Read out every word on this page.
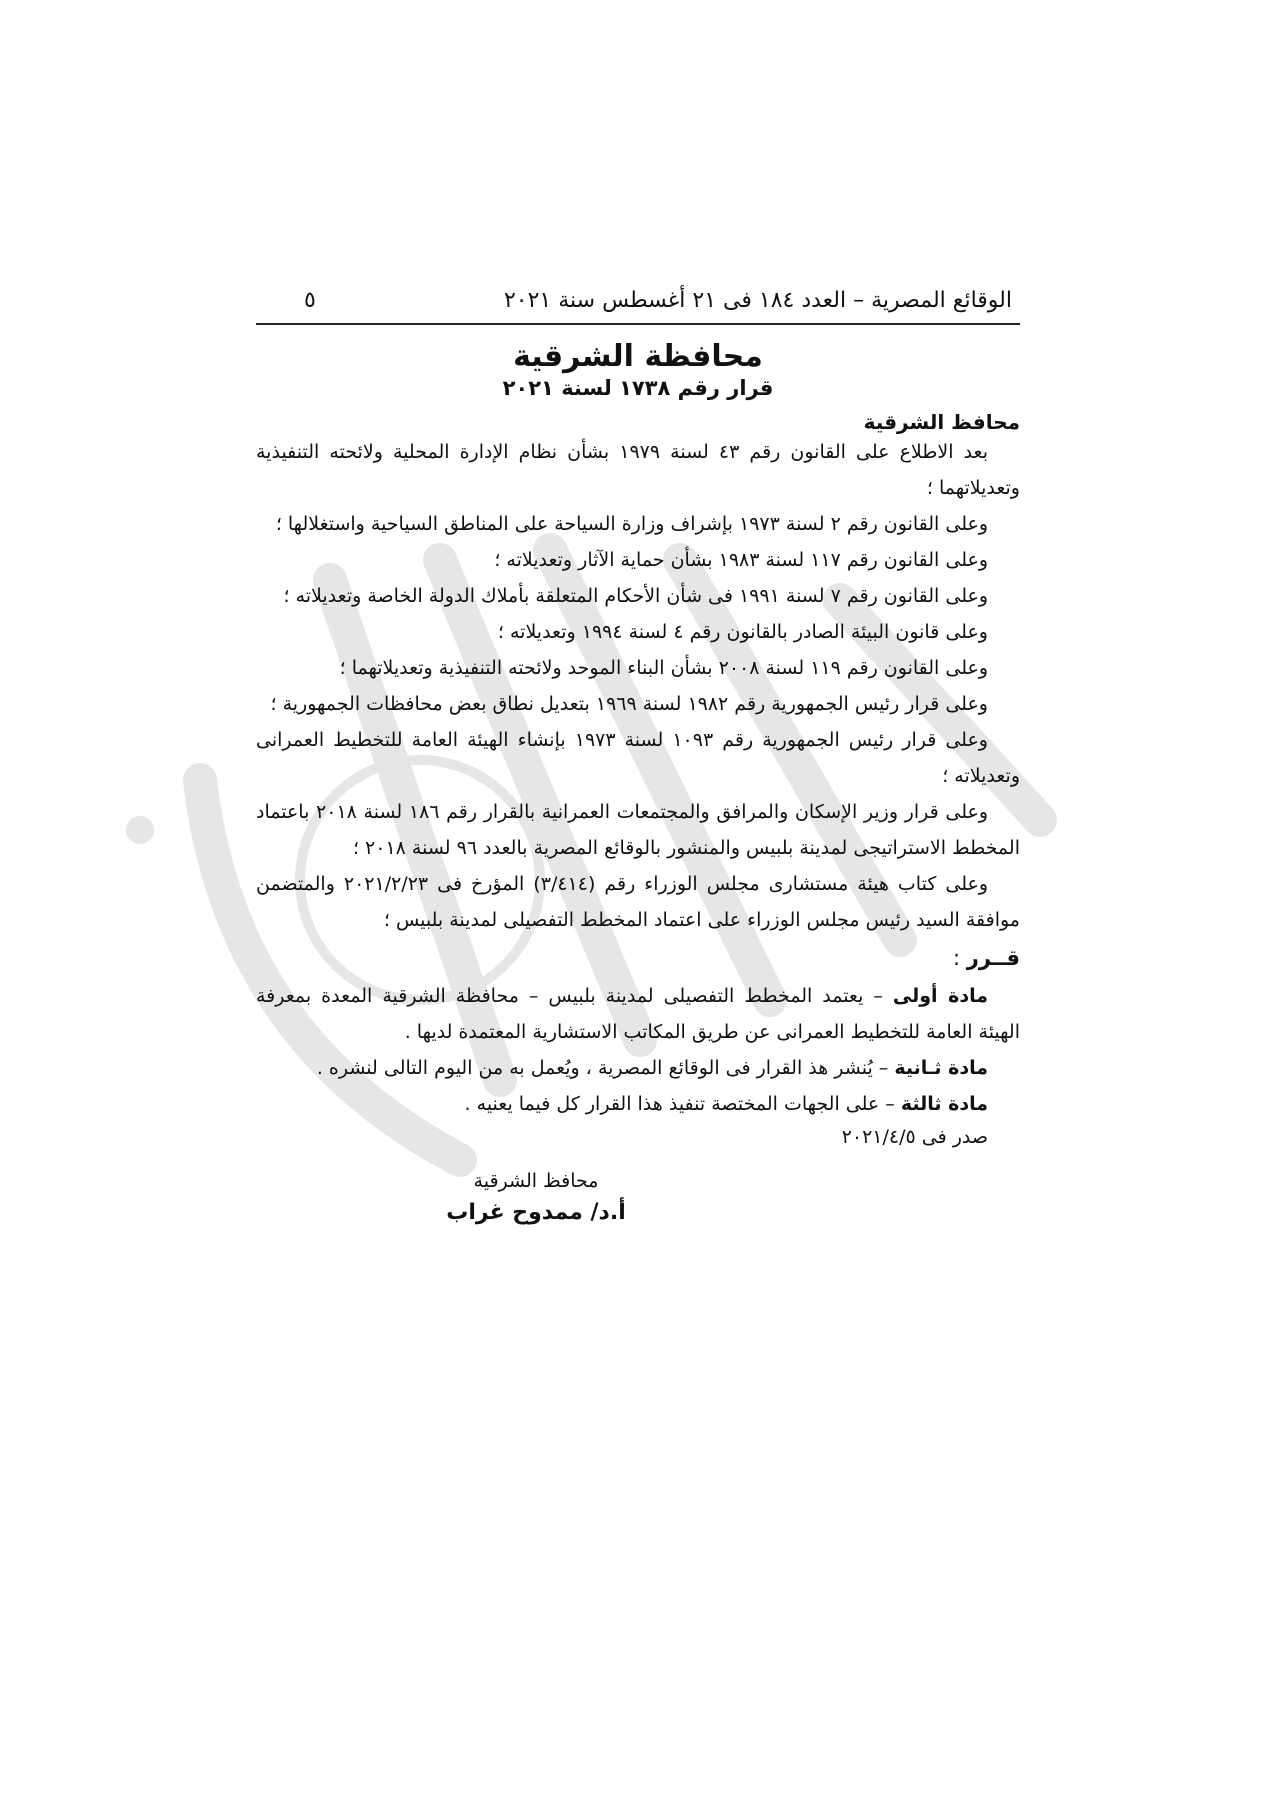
الوقائع المصرية – العدد ١٨٤ فى ٢١ أغسطس سنة ٢٠٢١
٥
محافظة الشرقية
قرار رقم ١٧٣٨ لسنة ٢٠٢١
محافظ الشرقية

بعد الاطلاع على القانون رقم ٤٣ لسنة ١٩٧٩ بشأن نظام الإدارة المحلية ولائحته التنفيذية وتعديلاتهما ؛

وعلى القانون رقم ٢ لسنة ١٩٧٣ بإشراف وزارة السياحة على المناطق السياحية واستغلالها ؛

وعلى القانون رقم ١١٧ لسنة ١٩٨٣ بشأن حماية الآثار وتعديلاته ؛

وعلى القانون رقم ٧ لسنة ١٩٩١ فى شأن الأحكام المتعلقة بأملاك الدولة الخاصة وتعديلاته ؛

وعلى قانون البيئة الصادر بالقانون رقم ٤ لسنة ١٩٩٤ وتعديلاته ؛

وعلى القانون رقم ١١٩ لسنة ٢٠٠٨ بشأن البناء الموحد ولائحته التنفيذية وتعديلاتهما ؛

وعلى قرار رئيس الجمهورية رقم ١٩٨٢ لسنة ١٩٦٩ بتعديل نطاق بعض محافظات الجمهورية ؛

وعلى قرار رئيس الجمهورية رقم ١٠٩٣ لسنة ١٩٧٣ بإنشاء الهيئة العامة للتخطيط العمرانى وتعديلاته ؛

وعلى قرار وزير الإسكان والمرافق والمجتمعات العمرانية بالقرار رقم ١٨٦ لسنة ٢٠١٨ باعتماد المخطط الاستراتيجى لمدينة بلبيس والمنشور بالوقائع المصرية بالعدد ٩٦ لسنة ٢٠١٨ ؛

وعلى كتاب هيئة مستشارى مجلس الوزراء رقم (٣/٤١٤) المؤرخ فى ٢٠٢١/٢/٢٣ والمتضمن موافقة السيد رئيس مجلس الوزراء على اعتماد المخطط التفصيلى لمدينة بلبيس ؛

قــرر :

مادة أولى – يعتمد المخطط التفصيلى لمدينة بلبيس – محافظة الشرقية المعدة بمعرفة الهيئة العامة للتخطيط العمرانى عن طريق المكاتب الاستشارية المعتمدة لديها .

مادة ثـانية – يُنشر هذ القرار فى الوقائع المصرية ، ويُعمل به من اليوم التالى لنشره .

مادة ثالثة – على الجهات المختصة تنفيذ هذا القرار كل فيما يعنيه .

صدر فى ٢٠٢١/٤/٥
محافظ الشرقية
أ.د/ ممدوح غراب
